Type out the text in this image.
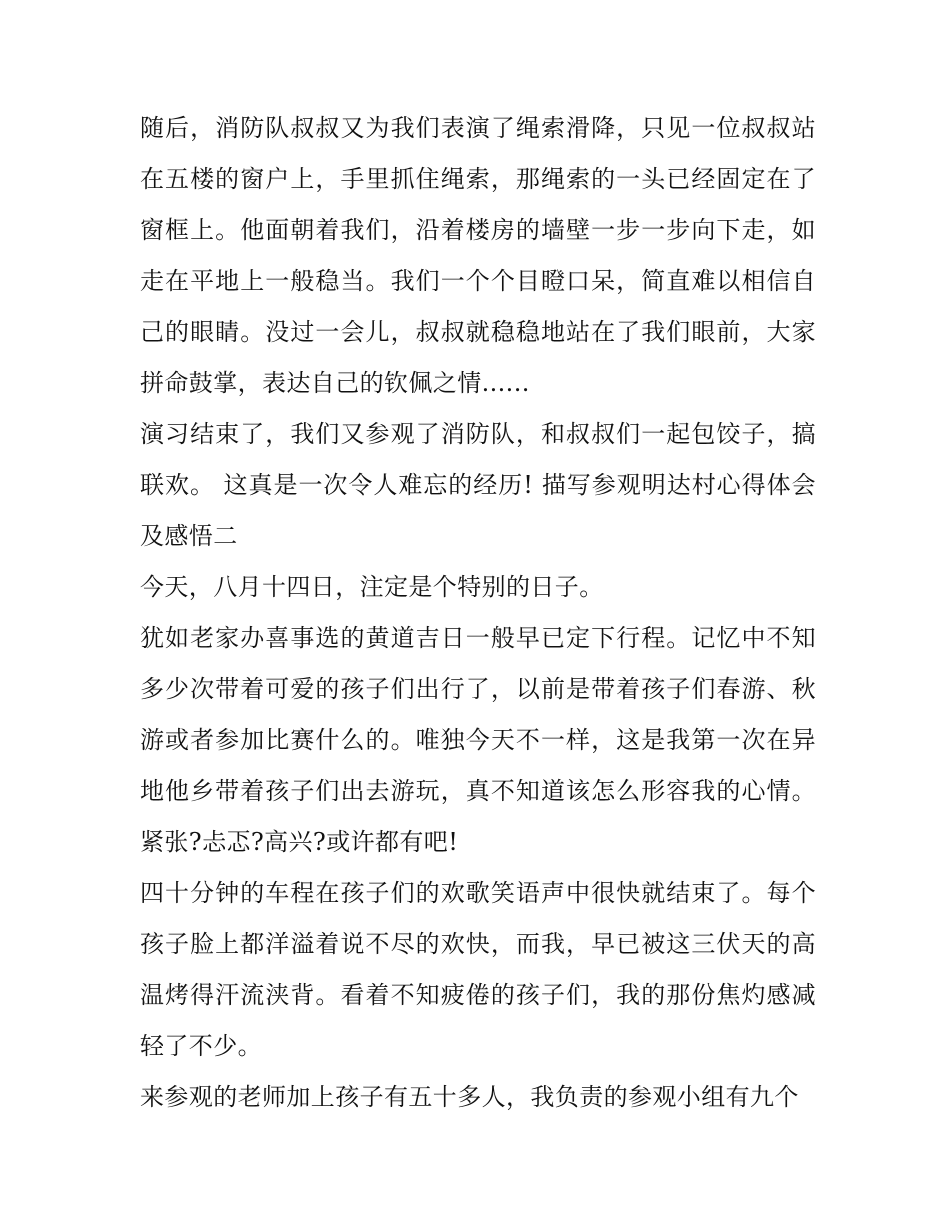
随后，消防队叔叔又为我们表演了绳索滑降，只见一位叔叔站在五楼的窗户上，手里抓住绳索，那绳索的一头已经固定在了窗框上。他面朝着我们，沿着楼房的墙壁一步一步向下走，如走在平地上一般稳当。我们一个个目瞪口呆，简直难以相信自己的眼睛。没过一会儿，叔叔就稳稳地站在了我们眼前，大家拼命鼓掌，表达自己的钦佩之情......

演习结束了，我们又参观了消防队，和叔叔们一起包饺子，搞联欢。 这真是一次令人难忘的经历! 描写参观明达村心得体会及感悟二

今天，八月十四日，注定是个特别的日子。

犹如老家办喜事选的黄道吉日一般早已定下行程。记忆中不知多少次带着可爱的孩子们出行了，以前是带着孩子们春游、秋游或者参加比赛什么的。唯独今天不一样，这是我第一次在异地他乡带着孩子们出去游玩，真不知道该怎么形容我的心情。紧张?忐忑?高兴?或许都有吧!

四十分钟的车程在孩子们的欢歌笑语声中很快就结束了。每个孩子脸上都洋溢着说不尽的欢快，而我，早已被这三伏天的高温烤得汗流浃背。看着不知疲倦的孩子们，我的那份焦灼感减轻了不少。

来参观的老师加上孩子有五十多人，我负责的参观小组有九个
